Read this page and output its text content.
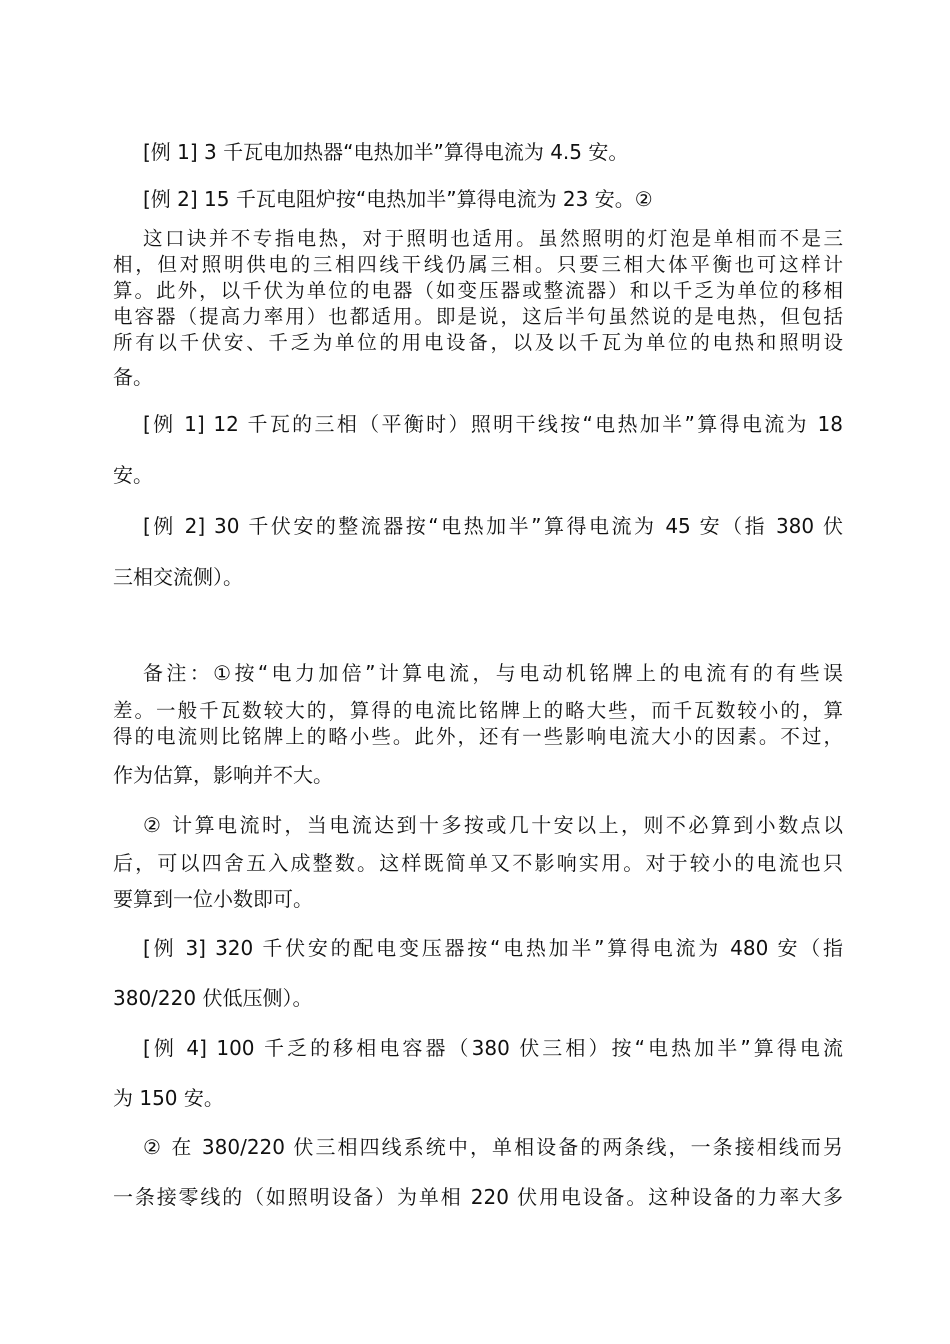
[例 1] 3 千瓦电加热器“电热加半”算得电流为 4.5 安。
[例 2] 15 千瓦电阻炉按“电热加半”算得电流为 23 安。②
这口诀并不专指电热，对于照明也适用。虽然照明的灯泡是单相而不是三
相，但对照明供电的三相四线干线仍属三相。只要三相大体平衡也可这样计
算。此外，以千伏为单位的电器（如变压器或整流器）和以千乏为单位的移相
电容器（提高力率用）也都适用。即是说，这后半句虽然说的是电热，但包括
所有以千伏安、千乏为单位的用电设备，以及以千瓦为单位的电热和照明设
备。
[例 1] 12 千瓦的三相（平衡时）照明干线按“电热加半”算得电流为 18
安。
[例 2] 30 千伏安的整流器按“电热加半”算得电流为 45 安（指 380 伏
三相交流侧）。
备注：①按“电力加倍”计算电流，与电动机铭牌上的电流有的有些误
差。一般千瓦数较大的，算得的电流比铭牌上的略大些，而千瓦数较小的，算
得的电流则比铭牌上的略小些。此外，还有一些影响电流大小的因素。不过，
作为估算，影响并不大。
② 计算电流时，当电流达到十多按或几十安以上，则不必算到小数点以
后，可以四舍五入成整数。这样既简单又不影响实用。对于较小的电流也只
要算到一位小数即可。
[例 3] 320 千伏安的配电变压器按“电热加半”算得电流为 480 安（指
380/220 伏低压侧）。
[例 4] 100 千乏的移相电容器（380 伏三相）按“电热加半”算得电流
为 150 安。
② 在 380/220 伏三相四线系统中，单相设备的两条线，一条接相线而另
一条接零线的（如照明设备）为单相 220 伏用电设备。这种设备的力率大多
